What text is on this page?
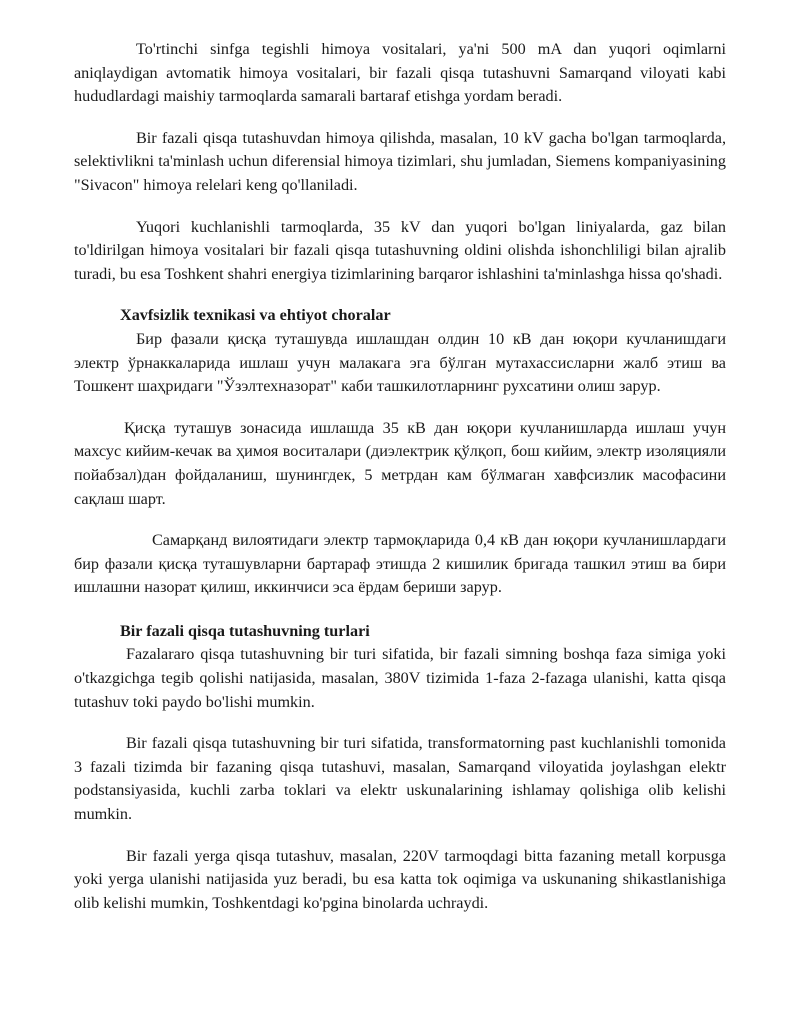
To'rtinchi sinfga tegishli himoya vositalari, ya'ni 500 mA dan yuqori oqimlarni aniqlaydigan avtomatik himoya vositalari, bir fazali qisqa tutashuvni Samarqand viloyati kabi hududlardagi maishiy tarmoqlarda samarali bartaraf etishga yordam beradi.

Bir fazali qisqa tutashuvdan himoya qilishda, masalan, 10 kV gacha bo'lgan tarmoqlarda, selektivlikni ta'minlash uchun diferensial himoya tizimlari, shu jumladan, Siemens kompaniyasining "Sivacon" himoya relelari keng qo'llaniladi.

Yuqori kuchlanishli tarmoqlarda, 35 kV dan yuqori bo'lgan liniyalarda, gaz bilan to'ldirilgan himoya vositalari bir fazali qisqa tutashuvning oldini olishda ishonchliligi bilan ajralib turadi, bu esa Toshkent shahri energiya tizimlarining barqaror ishlashini ta'minlashga hissa qo'shadi.

Xavfsizlik texnikasi va ehtiyot choralar

Бир фазали қисқа туташувда ишлашдан олдин 10 кВ дан юқори кучланишдаги электр ўрнаккаларида ишлаш учун малакага эга бўлган мутахассисларни жалб этиш ва Тошкент шаҳридаги "Ўзэлтехназорат" каби ташкилотларнинг рухсатини олиш зарур.

Қисқа туташув зонасида ишлашда 35 кВ дан юқори кучланишларда ишлаш учун махсус кийим-кечак ва ҳимоя воситалари (диэлектрик қўлқоп, бош кийим, электр изоляцияли пойабзал)дан фойдаланиш, шунингдек, 5 метрдан кам бўлмаган хавфсизлик масофасини сақлаш шарт.

Самарқанд вилоятидаги электр тармоқларида 0,4 кВ дан юқори кучланишлардаги бир фазали қисқа туташувларни бартараф этишда 2 кишилик бригада ташкил этиш ва бири ишлашни назорат қилиш, иккинчиси эса ёрдам бериши зарур.

Bir fazali qisqa tutashuvning turlari

Fazalararo qisqa tutashuvning bir turi sifatida, bir fazali simning boshqa faza simiga yoki o'tkazgichga tegib qolishi natijasida, masalan, 380V tizimida 1-faza 2-fazaga ulanishi, katta qisqa tutashuv toki paydo bo'lishi mumkin.

Bir fazali qisqa tutashuvning bir turi sifatida, transformatorning past kuchlanishli tomonida 3 fazali tizimda bir fazaning qisqa tutashuvi, masalan, Samarqand viloyatida joylashgan elektr podstansiyasida, kuchli zarba toklari va elektr uskunalarining ishlamay qolishiga olib kelishi mumkin.

Bir fazali yerga qisqa tutashuv, masalan, 220V tarmoqdagi bitta fazaning metall korpusga yoki yerga ulanishi natijasida yuz beradi, bu esa katta tok oqimiga va uskunaning shikastlanishiga olib kelishi mumkin, Toshkentdagi ko'pgina binolarda uchraydi.
